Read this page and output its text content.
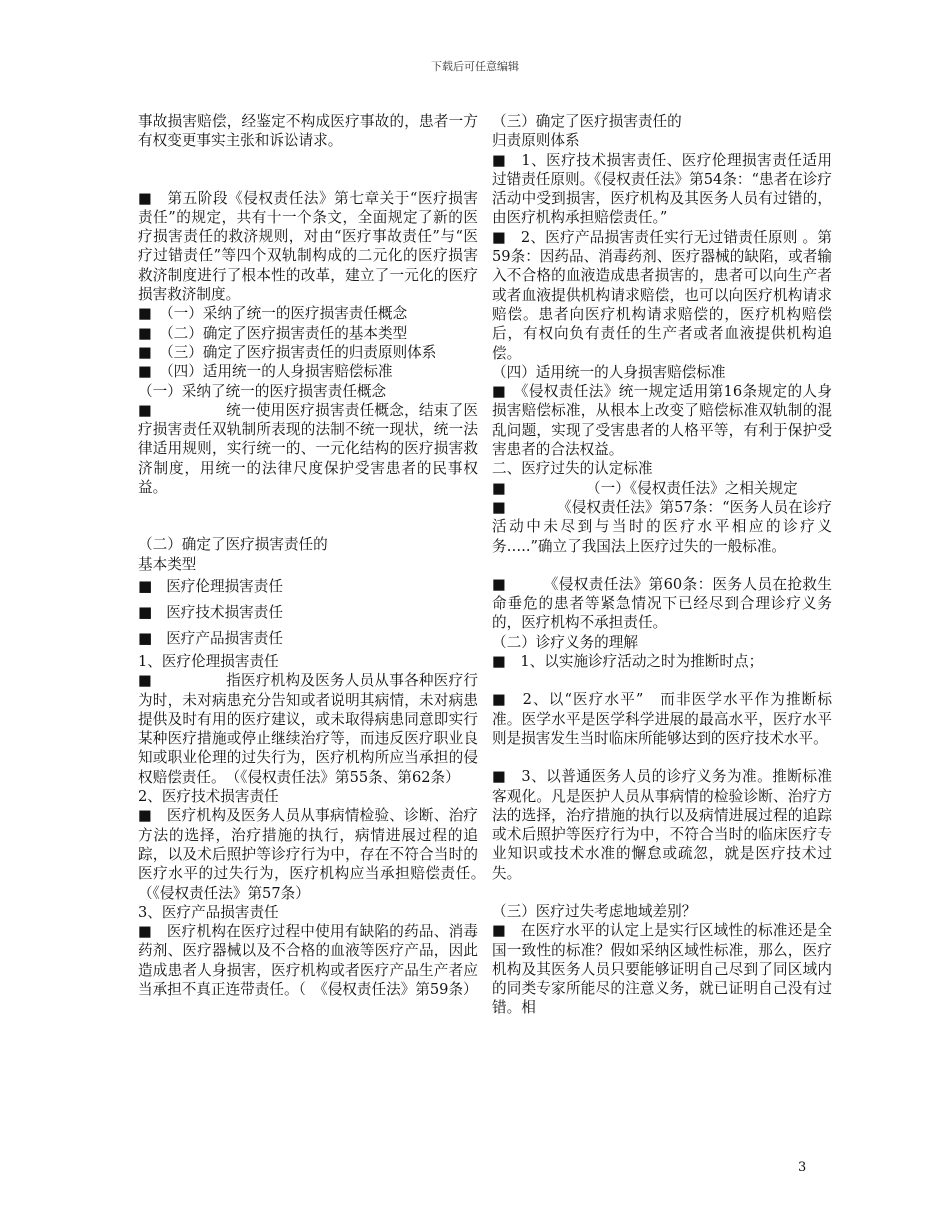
下载后可任意编辑

事故损害赔偿，经鉴定不构成医疗事故的，患者一方有权变更事实主张和诉讼请求。

■　第五阶段《侵权责任法》第七章关于“医疗损害责任”的规定，共有十一个条文，全面规定了新的医疗损害责任的救济规则，对由“医疗事故责任”与“医疗过错责任”等四个双轨制构成的二元化的医疗损害救济制度进行了根本性的改革，建立了一元化的医疗损害救济制度。

■　（一）采纳了统一的医疗损害责任概念

■　（二）确定了医疗损害责任的基本类型

■　（三）确定了医疗损害责任的归责原则体系

■　（四）适用统一的人身损害赔偿标准

（一）采纳了统一的医疗损害责任概念

■　　　　　统一使用医疗损害责任概念，结束了医疗损害责任双轨制所表现的法制不统一现状，统一法律适用规则，实行统一的、一元化结构的医疗损害救济制度，用统一的法律尺度保护受害患者的民事权益。

（二）确定了医疗损害责任的

基本类型

■ 医疗伦理损害责任
■ 医疗技术损害责任
■ 医疗产品损害责任

1、医疗伦理损害责任

■　　　　　指医疗机构及医务人员从事各种医疗行为时，未对病患充分告知或者说明其病情，未对病患提供及时有用的医疗建议，或未取得病患同意即实行某种医疗措施或停止继续治疗等，而违反医疗职业良知或职业伦理的过失行为，医疗机构所应当承担的侵权赔偿责任。　（《侵权责任法》第55条、第62条）

2、医疗技术损害责任

■　医疗机构及医务人员从事病情检验、诊断、治疗方法的选择，治疗措施的执行，病情进展过程的追踪，以及术后照护等诊疗行为中，存在不符合当时的医疗水平的过失行为，医疗机构应当承担赔偿责任。　（《侵权责任法》第57条）

3、医疗产品损害责任

■　医疗机构在医疗过程中使用有缺陷的药品、消毒药剂、医疗器械以及不合格的血液等医疗产品，因此造成患者人身损害，医疗机构或者医疗产品生产者应当承担不真正连带责任。（　《侵权责任法》第59条）

（三）确定了医疗损害责任的

归责原则体系

■　1、医疗技术损害责任、医疗伦理损害责任适用过错责任原则。《侵权责任法》第54条：“患者在诊疗活动中受到损害，医疗机构及其医务人员有过错的，由医疗机构承担赔偿责任。”

■　2、医疗产品损害责任实行无过错责任原则 。第59条：因药品、消毒药剂、医疗器械的缺陷，或者输入不合格的血液造成患者损害的，患者可以向生产者或者血液提供机构请求赔偿，也可以向医疗机构请求赔偿。患者向医疗机构请求赔偿的，医疗机构赔偿后，有权向负有责任的生产者或者血液提供机构追偿。

（四）适用统一的人身损害赔偿标准

■　《侵权责任法》统一规定适用第16条规定的人身损害赔偿标准，从根本上改变了赔偿标准双轨制的混乱问题，实现了受害患者的人格平等，有利于保护受害患者的合法权益。

二、医疗过失的认定标准

■　　　　　　（一）《侵权责任法》之相关规定

■　　　　《侵权责任法》第57条：“医务人员在诊疗活动中未尽到与当时的医疗水平相应的诊疗义务…..”确立了我国法上医疗过失的一般标准。

■　　　《侵权责任法》第60条：医务人员在抢救生命垂危的患者等紧急情况下已经尽到合理诊疗义务的，医疗机构不承担责任。

（二）诊疗义务的理解

■　1、以实施诊疗活动之时为推断时点；

■　2、以“医疗水平”　而非医学水平作为推断标准。医学水平是医学科学进展的最高水平，医疗水平则是损害发生当时临床所能够达到的医疗技术水平。

■　3、以普通医务人员的诊疗义务为准。推断标准客观化。凡是医护人员从事病情的检验诊断、治疗方法的选择，治疗措施的执行以及病情进展过程的追踪或术后照护等医疗行为中，不符合当时的临床医疗专业知识或技术水准的懈怠或疏忽，就是医疗技术过失。

（三）医疗过失考虑地域差别？

■　在医疗水平的认定上是实行区域性的标准还是全国一致性的标准？假如采纳区域性标准，那么，医疗机构及其医务人员只要能够证明自己尽到了同区域内的同类专家所能尽的注意义务，就已证明自己没有过错。相

3
